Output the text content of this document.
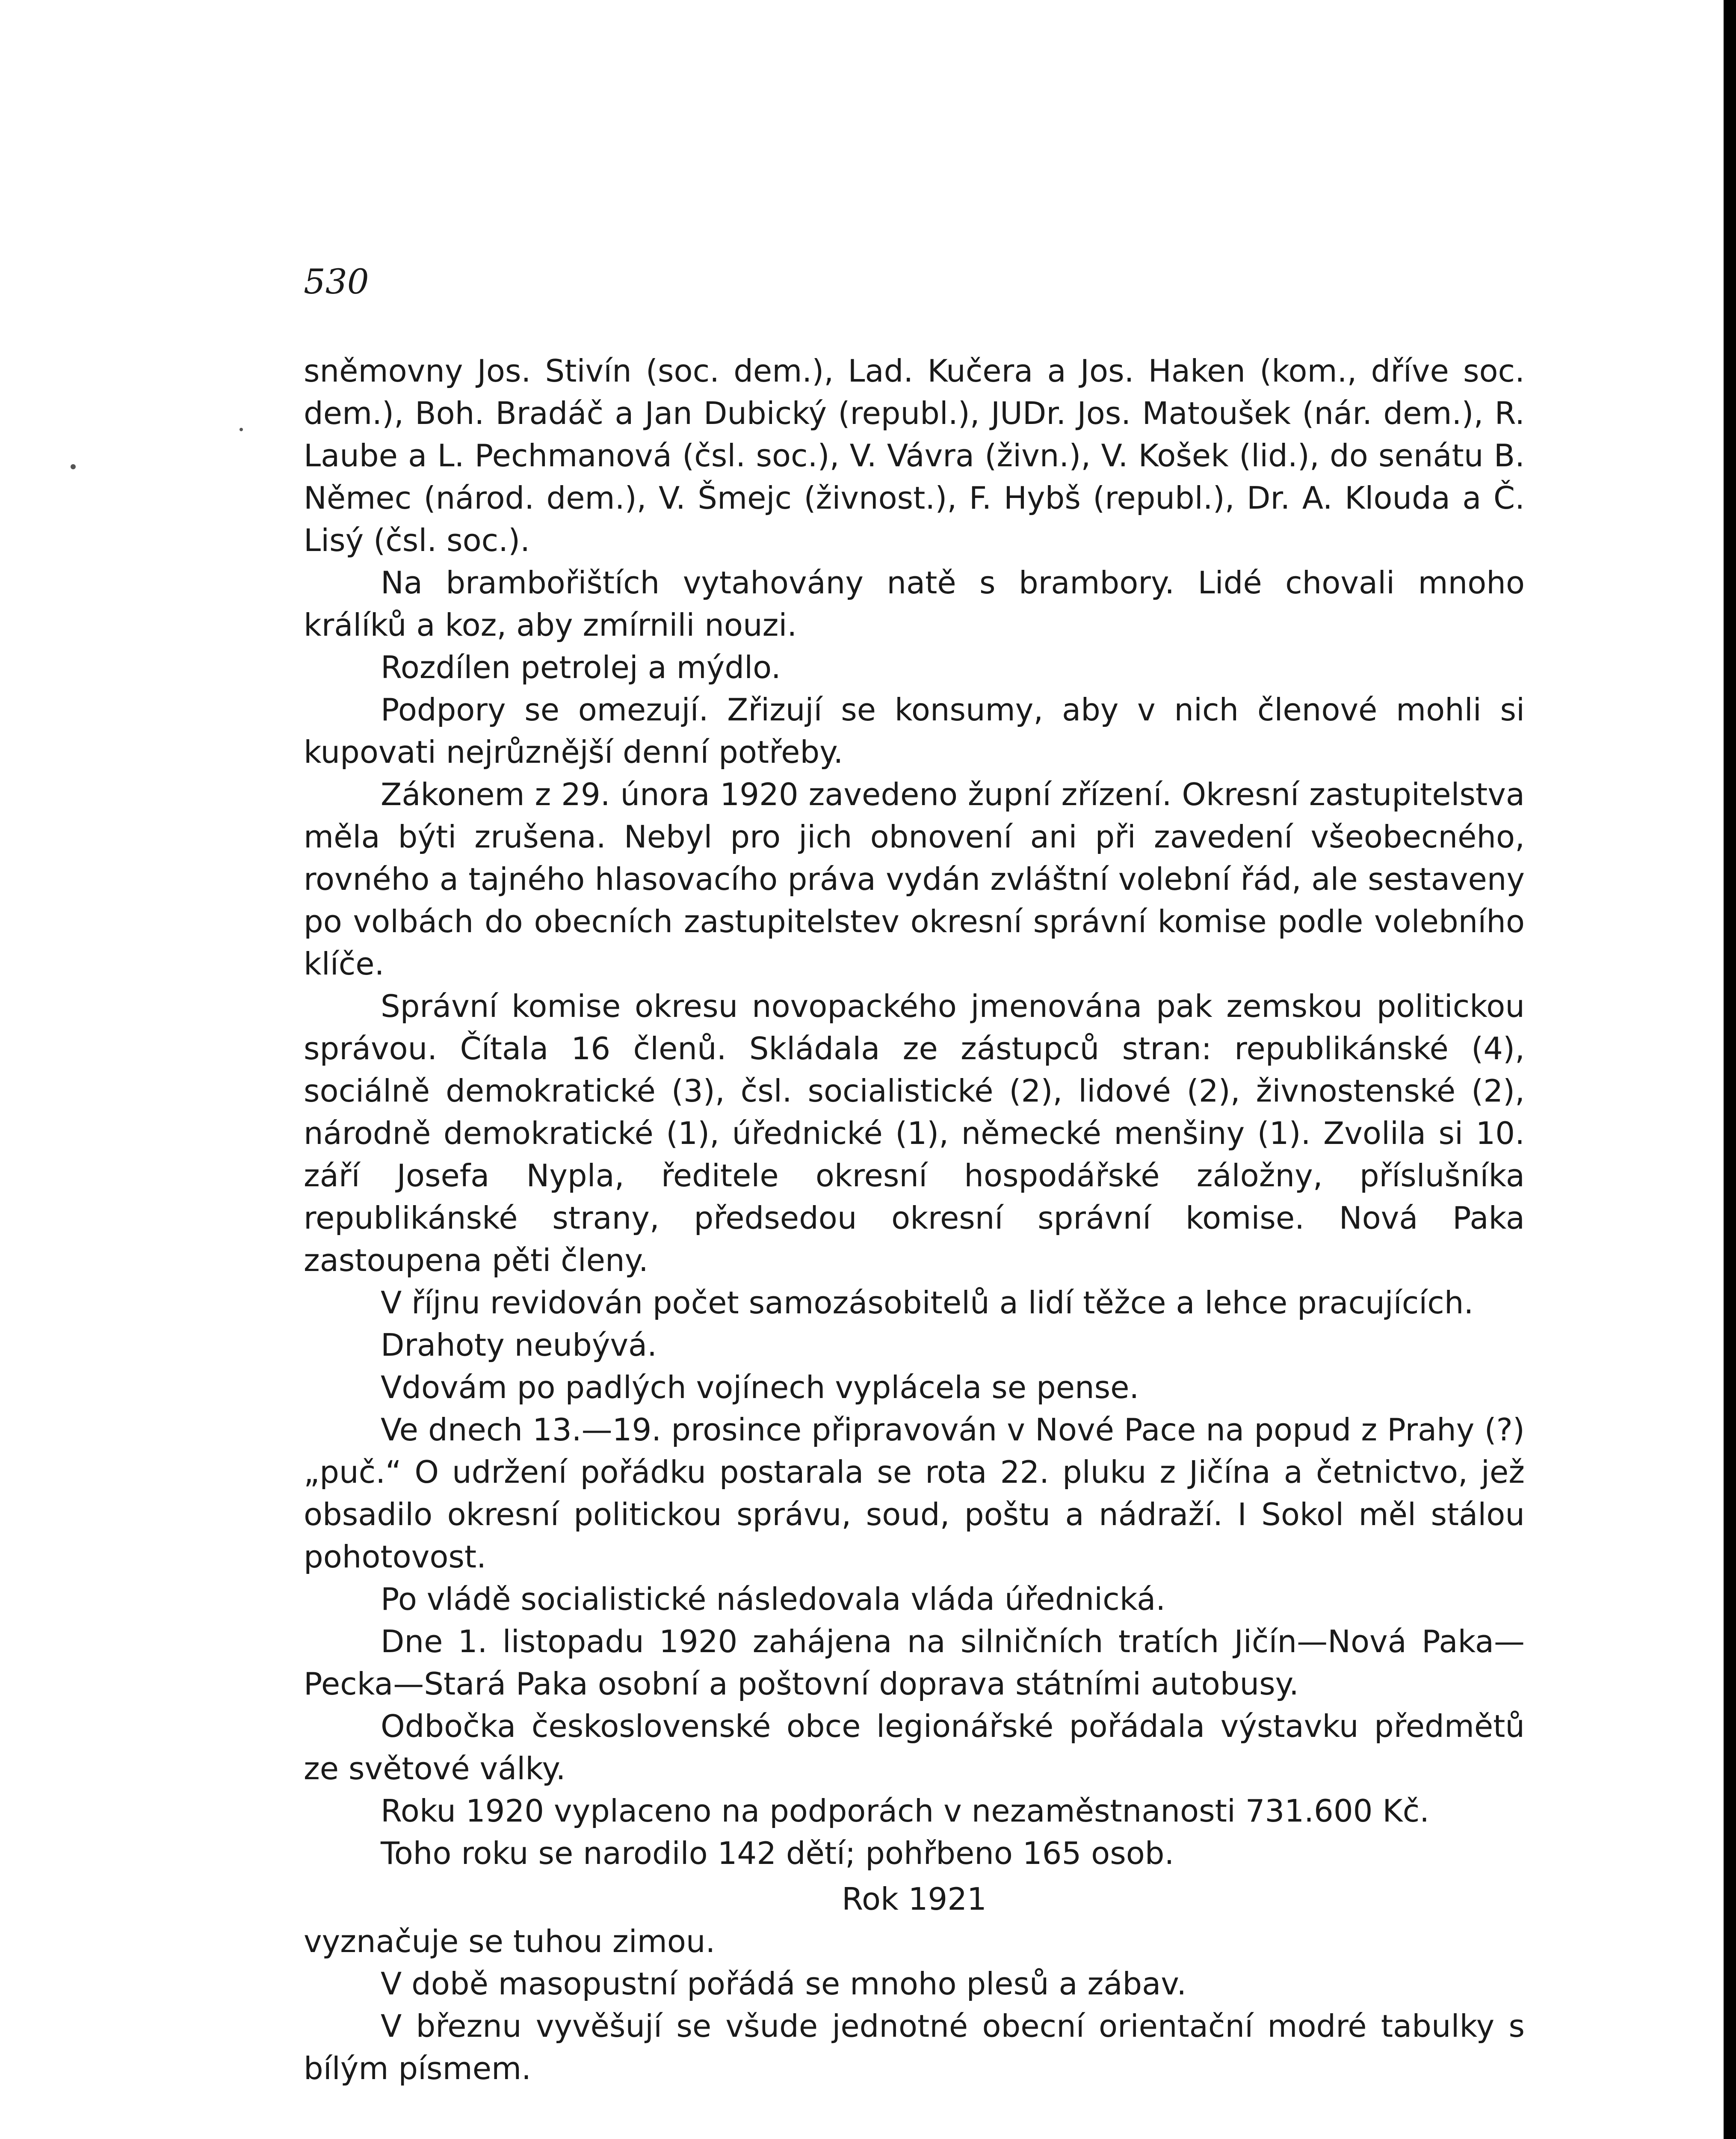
530

sněmovny Jos. Stivín (soc. dem.), Lad. Kučera a Jos. Haken (kom., dříve soc. dem.), Boh. Bradáč a Jan Dubický (republ.), JUDr. Jos. Matoušek (nár. dem.), R. Laube a L. Pechmanová (čsl. soc.), V. Vávra (živn.), V. Košek (lid.), do senátu B. Němec (národ. dem.), V. Šmejc (živnost.), F. Hybš (republ.), Dr. A. Klouda a Č. Lisý (čsl. soc.).

Na brambořištích vytahovány natě s brambory. Lidé chovali mnoho králíků a koz, aby zmírnili nouzi.

Rozdílen petrolej a mýdlo.

Podpory se omezují. Zřizují se konsumy, aby v nich členové mohli si kupovati nejrůznější denní potřeby.

Zákonem z 29. února 1920 zavedeno župní zřízení. Okresní zastupitelstva měla býti zrušena. Nebyl pro jich obnovení ani při zavedení všeobecného, rovného a tajného hlasovacího práva vydán zvláštní volební řád, ale sestaveny po volbách do obecních zastupitelstev okresní správní komise podle volebního klíče.

Správní komise okresu novopackého jmenována pak zemskou politickou správou. Čítala 16 členů. Skládala ze zástupců stran: republikánské (4), sociálně demokratické (3), čsl. socialistické (2), lidové (2), živnostenské (2), národně demokratické (1), úřednické (1), německé menšiny (1). Zvolila si 10. září Josefa Nypla, ředitele okresní hospodářské záložny, příslušníka republikánské strany, předsedou okresní správní komise. Nová Paka zastoupena pěti členy.

V říjnu revidován počet samozásobitelů a lidí těžce a lehce pracujících.

Drahoty neubývá.

Vdovám po padlých vojínech vyplácela se pense.

Ve dnech 13.—19. prosince připravován v Nové Pace na popud z Prahy (?) „puč.“ O udržení pořádku postarala se rota 22. pluku z Jičína a četnictvo, jež obsadilo okresní politickou správu, soud, poštu a nádraží. I Sokol měl stálou pohotovost.

Po vládě socialistické následovala vláda úřednická.

Dne 1. listopadu 1920 zahájena na silničních tratích Jičín—Nová Paka—Pecka—Stará Paka osobní a poštovní doprava státními autobusy.

Odbočka československé obce legionářské pořádala výstavku předmětů ze světové války.

Roku 1920 vyplaceno na podporách v nezaměstnanosti 731.600 Kč.

Toho roku se narodilo 142 dětí; pohřbeno 165 osob.

Rok 1921

vyznačuje se tuhou zimou.

V době masopustní pořádá se mnoho plesů a zábav.

V březnu vyvěšují se všude jednotné obecní orientační modré tabulky s bílým písmem.
